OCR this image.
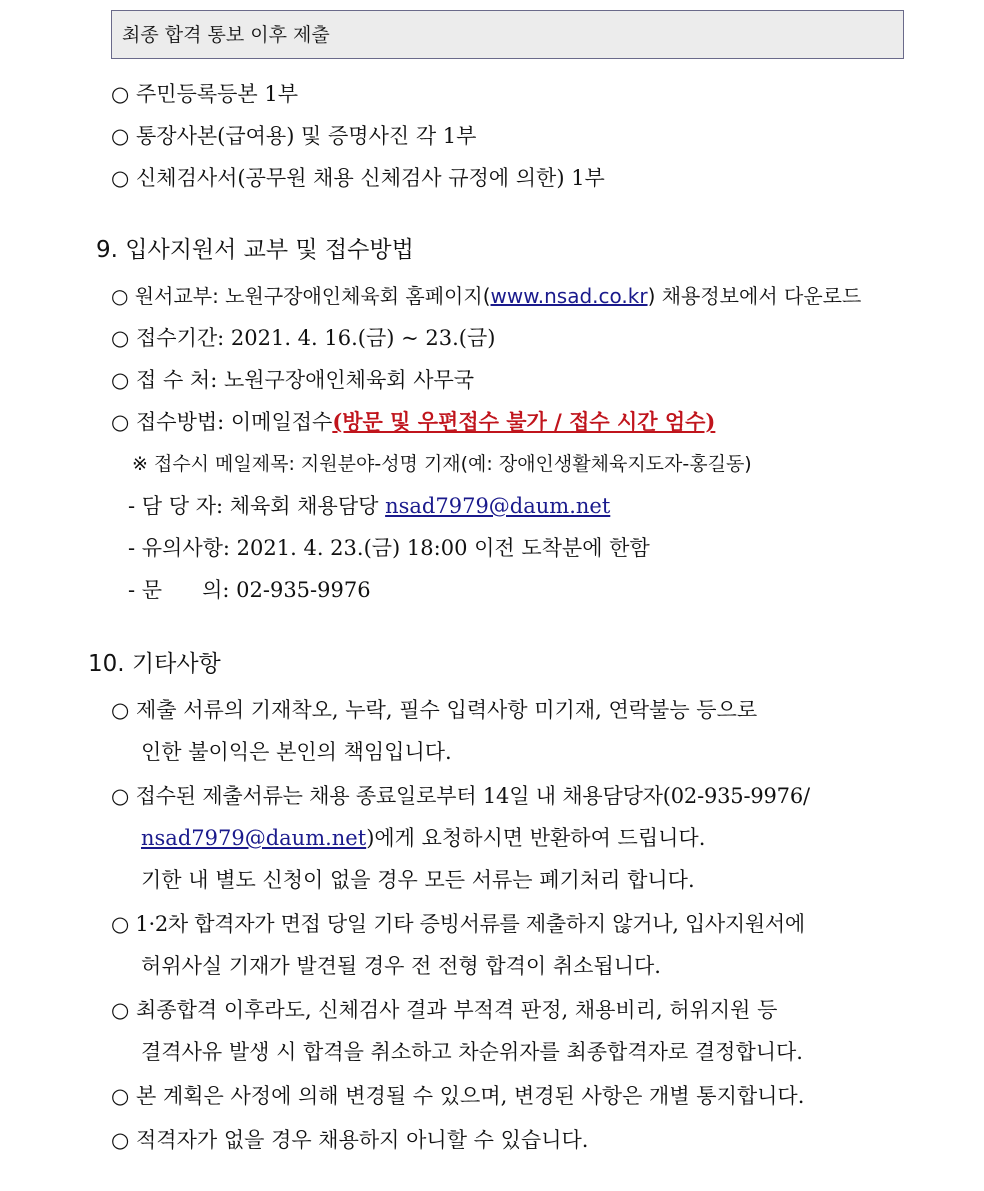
최종 합격 통보 이후 제출
○ 주민등록등본 1부
○ 통장사본(급여용) 및 증명사진 각 1부
○ 신체검사서(공무원 채용 신체검사 규정에 의한) 1부
9. 입사지원서 교부 및 접수방법
○ 원서교부: 노원구장애인체육회 홈페이지(www.nsad.co.kr) 채용정보에서 다운로드
○ 접수기간: 2021. 4. 16.(금) ~ 23.(금)
○ 접 수 처: 노원구장애인체육회 사무국
○ 접수방법: 이메일접수(방문 및 우편접수 불가 / 접수 시간 엄수)
※ 접수시 메일제목: 지원분야-성명 기재(예: 장애인생활체육지도자-홍길동)
- 담 당 자: 체육회 채용담당 nsad7979@daum.net
- 유의사항: 2021. 4. 23.(금) 18:00 이전 도착분에 한함
- 문      의: 02-935-9976
10. 기타사항
○ 제출 서류의 기재착오, 누락, 필수 입력사항 미기재, 연락불능 등으로
인한 불이익은 본인의 책임입니다.
○ 접수된 제출서류는 채용 종료일로부터 14일 내 채용담당자(02-935-9976/
nsad7979@daum.net)에게 요청하시면 반환하여 드립니다.
기한 내 별도 신청이 없을 경우 모든 서류는 폐기처리 합니다.
○ 1·2차 합격자가 면접 당일 기타 증빙서류를 제출하지 않거나, 입사지원서에
허위사실 기재가 발견될 경우 전 전형 합격이 취소됩니다.
○ 최종합격 이후라도, 신체검사 결과 부적격 판정, 채용비리, 허위지원 등
결격사유 발생 시 합격을 취소하고 차순위자를 최종합격자로 결정합니다.
○ 본 계획은 사정에 의해 변경될 수 있으며, 변경된 사항은 개별 통지합니다.
○ 적격자가 없을 경우 채용하지 아니할 수 있습니다.
